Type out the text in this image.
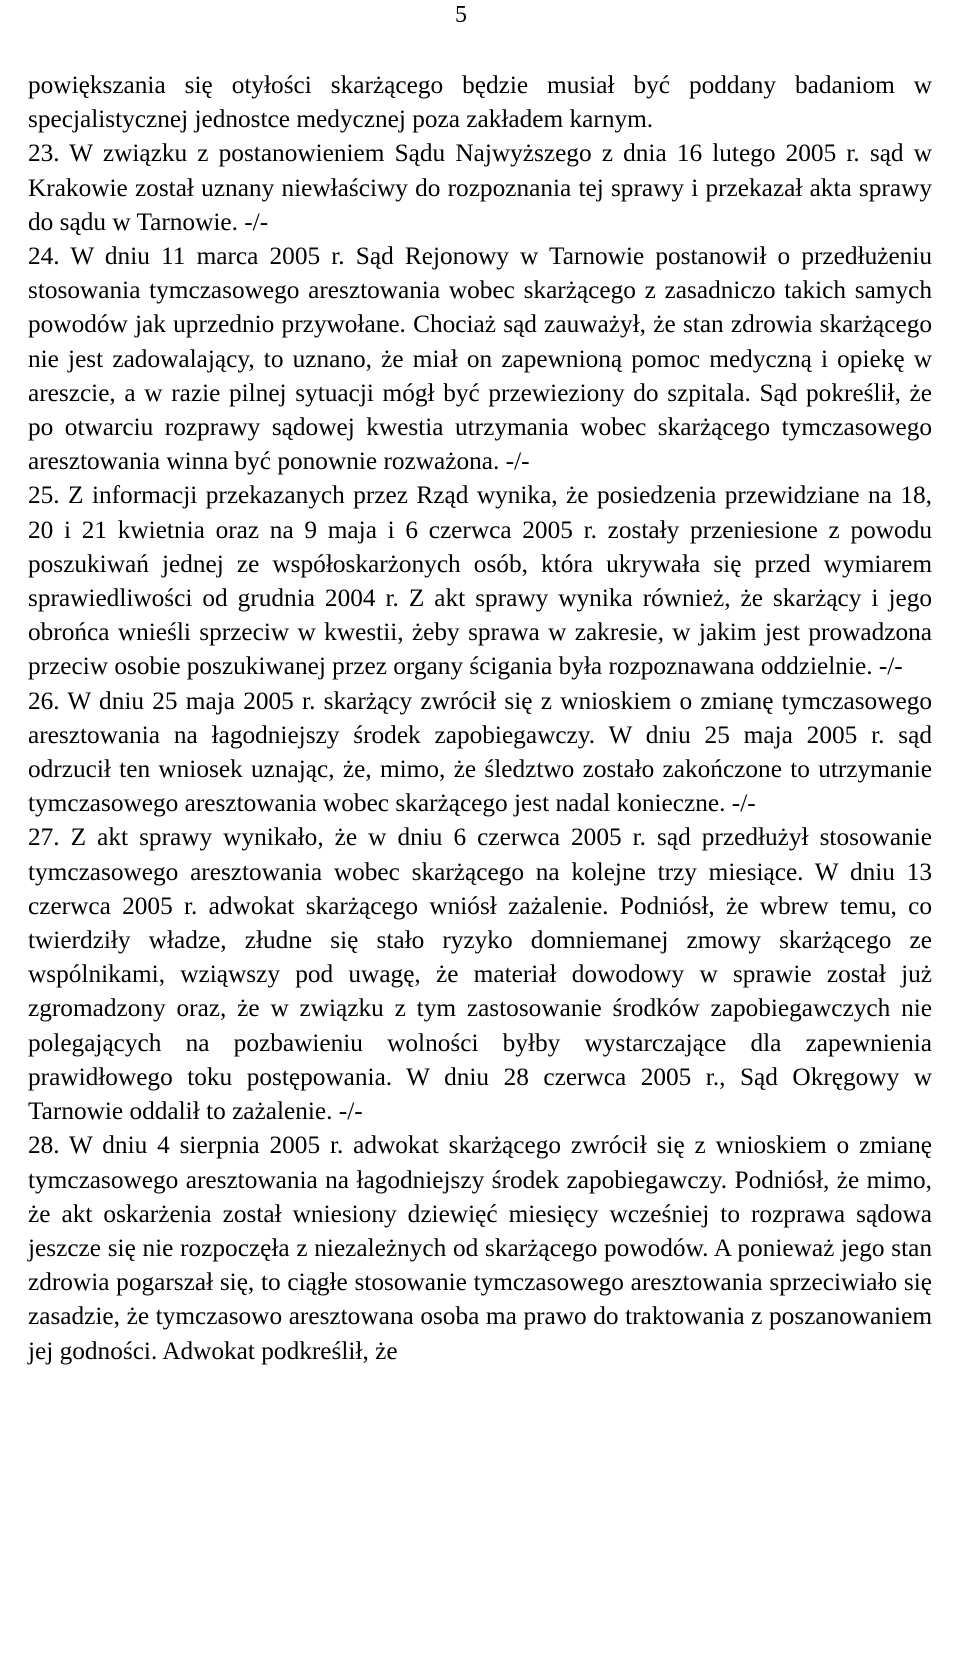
5

powiększania się otyłości skarżącego będzie musiał być poddany badaniom w specjalistycznej jednostce medycznej poza zakładem karnym.

23. W związku z postanowieniem Sądu Najwyższego z dnia 16 lutego 2005 r. sąd w Krakowie został uznany niewłaściwy do rozpoznania tej sprawy i przekazał akta sprawy do sądu w Tarnowie. -/-

24. W dniu 11 marca 2005 r. Sąd Rejonowy w Tarnowie postanowił o przedłużeniu stosowania tymczasowego aresztowania wobec skarżącego z zasadniczo takich samych powodów jak uprzednio przywołane. Chociaż sąd zauważył, że stan zdrowia skarżącego nie jest zadowalający, to uznano, że miał on zapewnioną pomoc medyczną i opiekę w areszcie, a w razie pilnej sytuacji mógł być przewieziony do szpitala. Sąd pokreślił, że po otwarciu rozprawy sądowej kwestia utrzymania wobec skarżącego tymczasowego aresztowania winna być ponownie rozważona. -/-

25. Z informacji przekazanych przez Rząd wynika, że posiedzenia przewidziane na 18, 20 i 21 kwietnia oraz na 9 maja i 6 czerwca 2005 r. zostały przeniesione z powodu poszukiwań jednej ze współoskarżonych osób, która ukrywała się przed wymiarem sprawiedliwości od grudnia 2004 r. Z akt sprawy wynika również, że skarżący i jego obrońca wnieśli sprzeciw w kwestii, żeby sprawa w zakresie, w jakim jest prowadzona przeciw osobie poszukiwanej przez organy ścigania była rozpoznawana oddzielnie. -/-

26. W dniu 25 maja 2005 r. skarżący zwrócił się z wnioskiem o zmianę tymczasowego aresztowania na łagodniejszy środek zapobiegawczy. W dniu 25 maja 2005 r. sąd odrzucił ten wniosek uznając, że, mimo, że śledztwo zostało zakończone to utrzymanie tymczasowego aresztowania wobec skarżącego jest nadal konieczne. -/-

27. Z akt sprawy wynikało, że w dniu 6 czerwca 2005 r. sąd przedłużył stosowanie tymczasowego aresztowania wobec skarżącego na kolejne trzy miesiące. W dniu 13 czerwca 2005 r. adwokat skarżącego wniósł zażalenie. Podniósł, że wbrew temu, co twierdziły władze, złudne się stało ryzyko domniemanej zmowy skarżącego ze wspólnikami, wziąwszy pod uwagę, że materiał dowodowy w sprawie został już zgromadzony oraz, że w związku z tym zastosowanie środków zapobiegawczych nie polegających na pozbawieniu wolności byłby wystarczające dla zapewnienia prawidłowego toku postępowania. W dniu 28 czerwca 2005 r., Sąd Okręgowy w Tarnowie oddalił to zażalenie. -/-

28. W dniu 4 sierpnia 2005 r. adwokat skarżącego zwrócił się z wnioskiem o zmianę tymczasowego aresztowania na łagodniejszy środek zapobiegawczy. Podniósł, że mimo, że akt oskarżenia został wniesiony dziewięć miesięcy wcześniej to rozprawa sądowa jeszcze się nie rozpoczęła z niezależnych od skarżącego powodów. A ponieważ jego stan zdrowia pogarszał się, to ciągłe stosowanie tymczasowego aresztowania sprzeciwiało się zasadzie, że tymczasowo aresztowana osoba ma prawo do traktowania z poszanowaniem jej godności. Adwokat podkreślił, że
